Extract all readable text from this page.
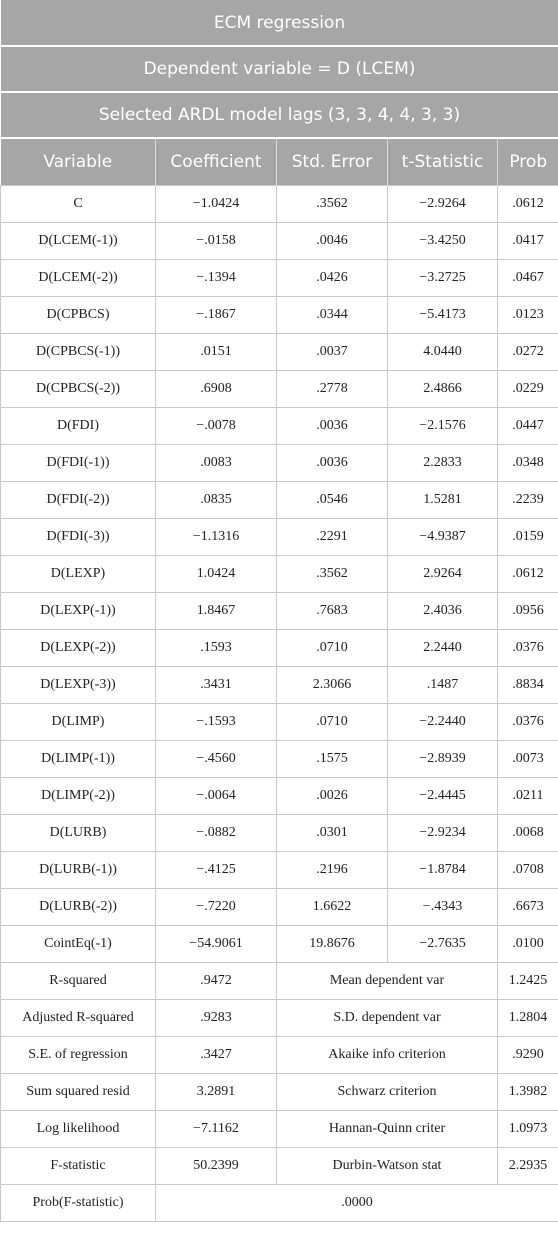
ECM regression				
Dependent variable = D (LCEM)				
Selected ARDL model lags (3, 3, 4, 4, 3, 3)				
Variable	Coefficient	Std. Error	t-Statistic	Prob
C	−1.0424	.3562	−2.9264	.0612
D(LCEM(-1))	−.0158	.0046	−3.4250	.0417
D(LCEM(-2))	−.1394	.0426	−3.2725	.0467
D(CPBCS)	−.1867	.0344	−5.4173	.0123
D(CPBCS(-1))	.0151	.0037	4.0440	.0272
D(CPBCS(-2))	.6908	.2778	2.4866	.0229
D(FDI)	−.0078	.0036	−2.1576	.0447
D(FDI(-1))	.0083	.0036	2.2833	.0348
D(FDI(-2))	.0835	.0546	1.5281	.2239
D(FDI(-3))	−1.1316	.2291	−4.9387	.0159
D(LEXP)	1.0424	.3562	2.9264	.0612
D(LEXP(-1))	1.8467	.7683	2.4036	.0956
D(LEXP(-2))	.1593	.0710	2.2440	.0376
D(LEXP(-3))	.3431	2.3066	.1487	.8834
D(LIMP)	−.1593	.0710	−2.2440	.0376
D(LIMP(-1))	−.4560	.1575	−2.8939	.0073
D(LIMP(-2))	−.0064	.0026	−2.4445	.0211
D(LURB)	−.0882	.0301	−2.9234	.0068
D(LURB(-1))	−.4125	.2196	−1.8784	.0708
D(LURB(-2))	−.7220	1.6622	−.4343	.6673
CointEq(-1)	−54.9061	19.8676	−2.7635	.0100
R-squared	.9472	Mean dependent var		1.2425
Adjusted R-squared	.9283	S.D. dependent var		1.2804
S.E. of regression	.3427	Akaike info criterion		.9290
Sum squared resid	3.2891	Schwarz criterion		1.3982
Log likelihood	−7.1162	Hannan-Quinn criter		1.0973
F-statistic	50.2399	Durbin-Watson stat		2.2935
Prob(F-statistic)	.0000			
